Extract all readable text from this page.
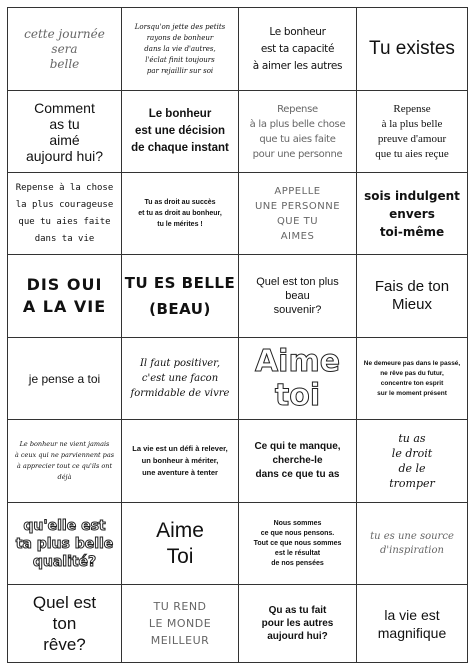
cette journée
sera
belle
Lorsqu'on jette des petits
rayons de bonheur
dans la vie d'autres,
l'éclat finit toujours
par rejaillir sur soi
Le bonheur
est ta capacité
à aimer les autres
Tu existes
Comment
as tu
aimé
aujourd hui?
Le bonheur
est une décision
de chaque instant
Repense
à la plus belle chose
que tu aies faite
pour une personne
Repense
à la plus belle
preuve d'amour
que tu aies reçue
Repense à la chose
la plus courageuse
que tu aies faite
dans ta vie
Tu as droit au succès
et tu as droit au bonheur,
tu le mérites !
APPELLE
UNE PERSONNE
QUE TU
AIMES
sois indulgent
envers
toi-même
DIS OUI
A LA VIE
TU ES BELLE
(BEAU)
Quel est ton plus
beau
souvenir?
Fais de ton
Mieux
je pense a toi
Il faut positiver,
c'est une facon
formidable de vivre
Aime
toi
Ne demeure pas dans le passé,
ne rêve pas du futur,
concentre ton esprit
sur le moment présent
Le bonheur ne vient jamais
à ceux qui ne parviennent pas
à apprecier tout ce qu'ils ont déjà
La vie est un défi à relever,
un bonheur à mériter,
une aventure à tenter
Ce qui te manque,
cherche-le
dans ce que tu as
tu as
le droit
de le
tromper
qu'elle est
ta plus belle
qualité?
Aime
Toi
Nous sommes
ce que nous pensons.
Tout ce que nous sommes
est le résultat
de nos pensées
tu es une source
d'inspiration
Quel est
ton
rêve?
TU REND
LE MONDE
MEILLEUR
Qu as tu fait
pour les autres
aujourd hui?
la vie est
magnifique
